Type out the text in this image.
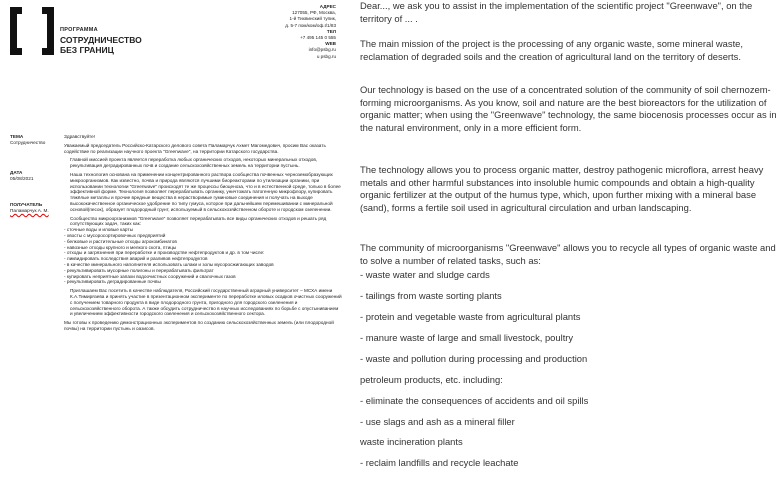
ПРОГРАММА
СОТРУДНИЧЕСТВО
БЕЗ ГРАНИЦ
АДРЕС
127055, РФ, Москва,
1-й Тихвинский тупик,
д. 5-7 пом/ком/оф.I/1/83
ТЕЛ
+7 495 145 0 555
WEB
info@psbg.ru
u psbg.ru
ТЕМА
Сотрудничество
ДАТА
05/08/2021
ПОЛУЧАТЕЛЬ
Паламарчук А. М.

Здравствуйте!

Уважаемый председатель Российско-Катарского делового совета Паламарчук Ахмет Магомедович, просим Вас оказать содействие по реализации научного проекта "Greenwave", на территории Катарского государства.

Главной миссией проекта является переработка любых органических отходов, некоторых минеральных отходов, рекультивация деградированных почв и создание сельскохозяйственных земель на территории пустынь.

Наша технология основана на применении концентрированного раствора сообщества почвенных черноземобразующих микроорганизмов. Как известно, почва и природа являются лучшими биореакторами по утилизации органики, при использовании технологии "Greenwave" происходят те же процессы биоценоза, что и в естественной среде, только в более эффективной форме. Технология позволяет перерабатывать органику, уничтожать патогенную микрофлору, купировать тяжёлые металлы и прочие вредные вещества в нерастворимые гуминовые соединения и получать на выходе высококачественное органическое удобрение по типу гумуса, которое при дальнейшем перемешивании с минеральной основой(песок), образует плодородный грунт, используемый в сельскохозяйственном обороте и городском озеленении.

Сообщество микроорганизмов "Greenwave" позволяет перерабатывать все виды органических отходов и решать ряд сопутствующих задач, таких как:

- сточные воды и иловые карты
- хвосты с мусоросортировочных предприятий
- белковые и растительные отходы агрокомбинатов
- навозные отходы крупного и мелкого скота, птицы
- отходы и загрязнения при переработке и производстве нефтепродуктов и др. в том числе:
- ликвидировать последствия аварий и разливов нефтепродуктов
- в качестве минерального наполнителя использовать шлаки и золы мусоросжигающих заводов
- рекультивировать мусорные полигоны и перерабатывать фильтрат
- купировать неприятные запахи водоочистных сооружений и свалочных газов
- рекультивировать деградированные почвы

Приглашаем Вас посетить в качестве наблюдателя, Российский государственный аграрный университет – МСХА имени К.А.Тимирязева и принять участие в презентационном эксперименте по переработке иловых осадков очистных сооружений с получением товарного продукта в виде плодородного грунта, пригодного для городского озеленения и сельскохозяйственного оборота. А также обсудить сотрудничество в научных исследованиях по борьбе с опустыниванием и увеличением эффективности городского озеленения и сельскохозяйственного сектора.

Мы готовы к проведению демонстрационных экспериментов по созданию сельскохозяйственных земель (или плодородной почвы) на территории пустынь и оазисов.

Dear..., we ask you to assist in the implementation of the scientific project "Greenwave", on the territory of ... .

The main mission of the project is the processing of any organic waste, some mineral waste, reclamation of degraded soils and the creation of agricultural land on the territory of deserts.

Our technology is based on the use of a concentrated solution of the community of soil chernozem-forming microorganisms. As you know, soil and nature are the best bioreactors for the utilization of organic matter; when using the "Greenwave" technology, the same biocenosis processes occur as in the natural environment, only in a more efficient form.

The technology allows you to process organic matter, destroy pathogenic microflora, arrest heavy metals and other harmful substances into insoluble humic compounds and obtain a high-quality organic fertilizer at the output of the humus type, which, upon further mixing with a mineral base (sand), forms a fertile soil used in agricultural circulation and urban landscaping.

The community of microorganisms "Greenwave" allows you to recycle all types of organic waste and to solve a number of related tasks, such as:

- waste water and sludge cards
- tailings from waste sorting plants
- protein and vegetable waste from agricultural plants
- manure waste of large and small livestock, poultry
- waste and pollution during processing and production
petroleum products, etc. including:
- eliminate the consequences of accidents and oil spills
- use slags and ash as a mineral filler
waste incineration plants
- reclaim landfills and recycle leachate
